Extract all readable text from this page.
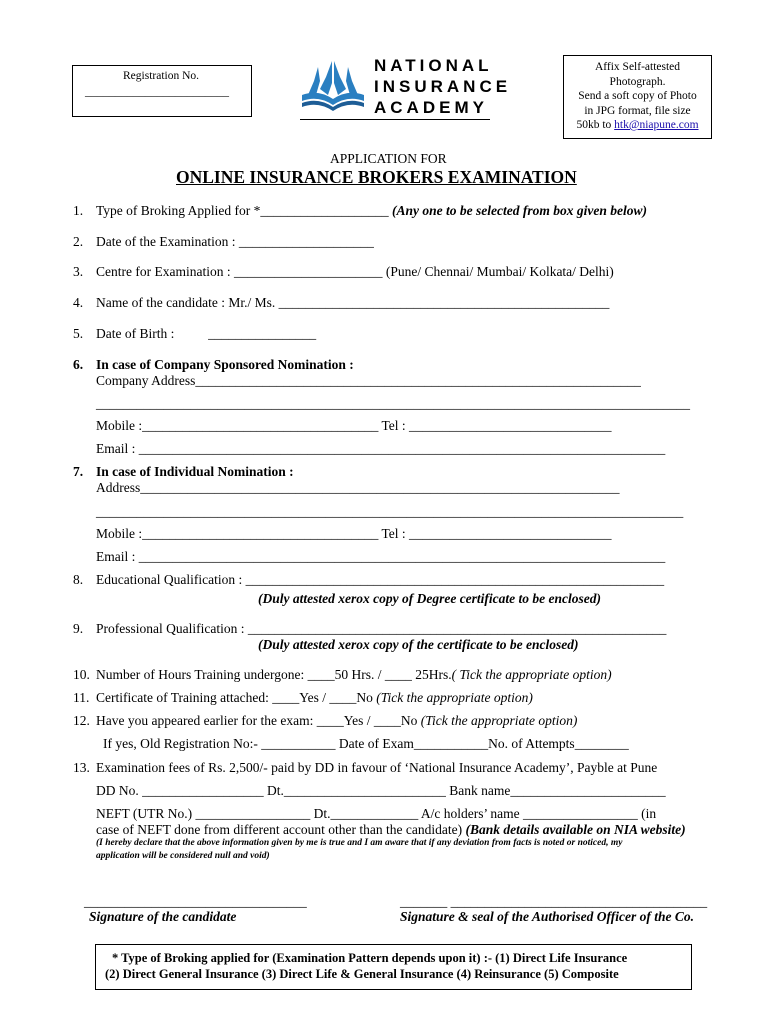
Registration No.
________________________
NATIONAL
INSURANCE
ACADEMY
Affix Self-attested
Photograph.
Send a soft copy of Photo
in JPG format, file size
50kb to htk@niapune.com
APPLICATION FOR
ONLINE INSURANCE BROKERS EXAMINATION
1. Type of Broking Applied for *___________________ (Any one to be selected from box given below)
2. Date of the Examination : ____________________
3. Centre for Examination : ______________________ (Pune/ Chennai/ Mumbai/ Kolkata/ Delhi)
4. Name of the candidate : Mr./ Ms. _________________________________________________
5. Date of Birth :          ________________
6. In case of Company Sponsored Nomination :
Company Address__________________________________________________________________
________________________________________________________________________________________
Mobile :___________________________________ Tel : ______________________________
Email : ______________________________________________________________________________
7. In case of Individual Nomination :
Address_______________________________________________________________________
_______________________________________________________________________________________
Mobile :___________________________________ Tel : ______________________________
Email : ______________________________________________________________________________
8. Educational Qualification : ______________________________________________________________
(Duly attested xerox copy of Degree certificate to be enclosed)
9. Professional Qualification : ______________________________________________________________
(Duly attested xerox copy of the certificate to be enclosed)
10. Number of Hours Training undergone: ____50 Hrs. / ____ 25Hrs.( Tick the appropriate option)
11. Certificate of Training attached: ____Yes / ____No (Tick the appropriate option)
12. Have you appeared earlier for the exam: ____Yes / ____No (Tick the appropriate option)
If yes, Old Registration No:- ___________ Date of Exam___________No. of Attempts________
13. Examination fees of Rs. 2,500/- paid by DD in favour of ‘National Insurance Academy’, Payble at Pune
DD No. __________________ Dt.________________________ Bank name_______________________
NEFT (UTR No.) _________________ Dt._____________ A/c holders’ name _________________ (in
case of NEFT done from different account other than the candidate) (Bank details available on NIA website)
(I hereby declare that the above information given by me is true and I am aware that if any deviation from facts is noted or noticed, my
application will be considered null and void)
_________________________________
Signature of the candidate
_______ ______________________________________
Signature & seal of the Authorised Officer of the Co.
* Type of Broking applied for (Examination Pattern depends upon it) :- (1) Direct Life Insurance
(2) Direct General Insurance (3) Direct Life & General Insurance (4) Reinsurance (5) Composite
